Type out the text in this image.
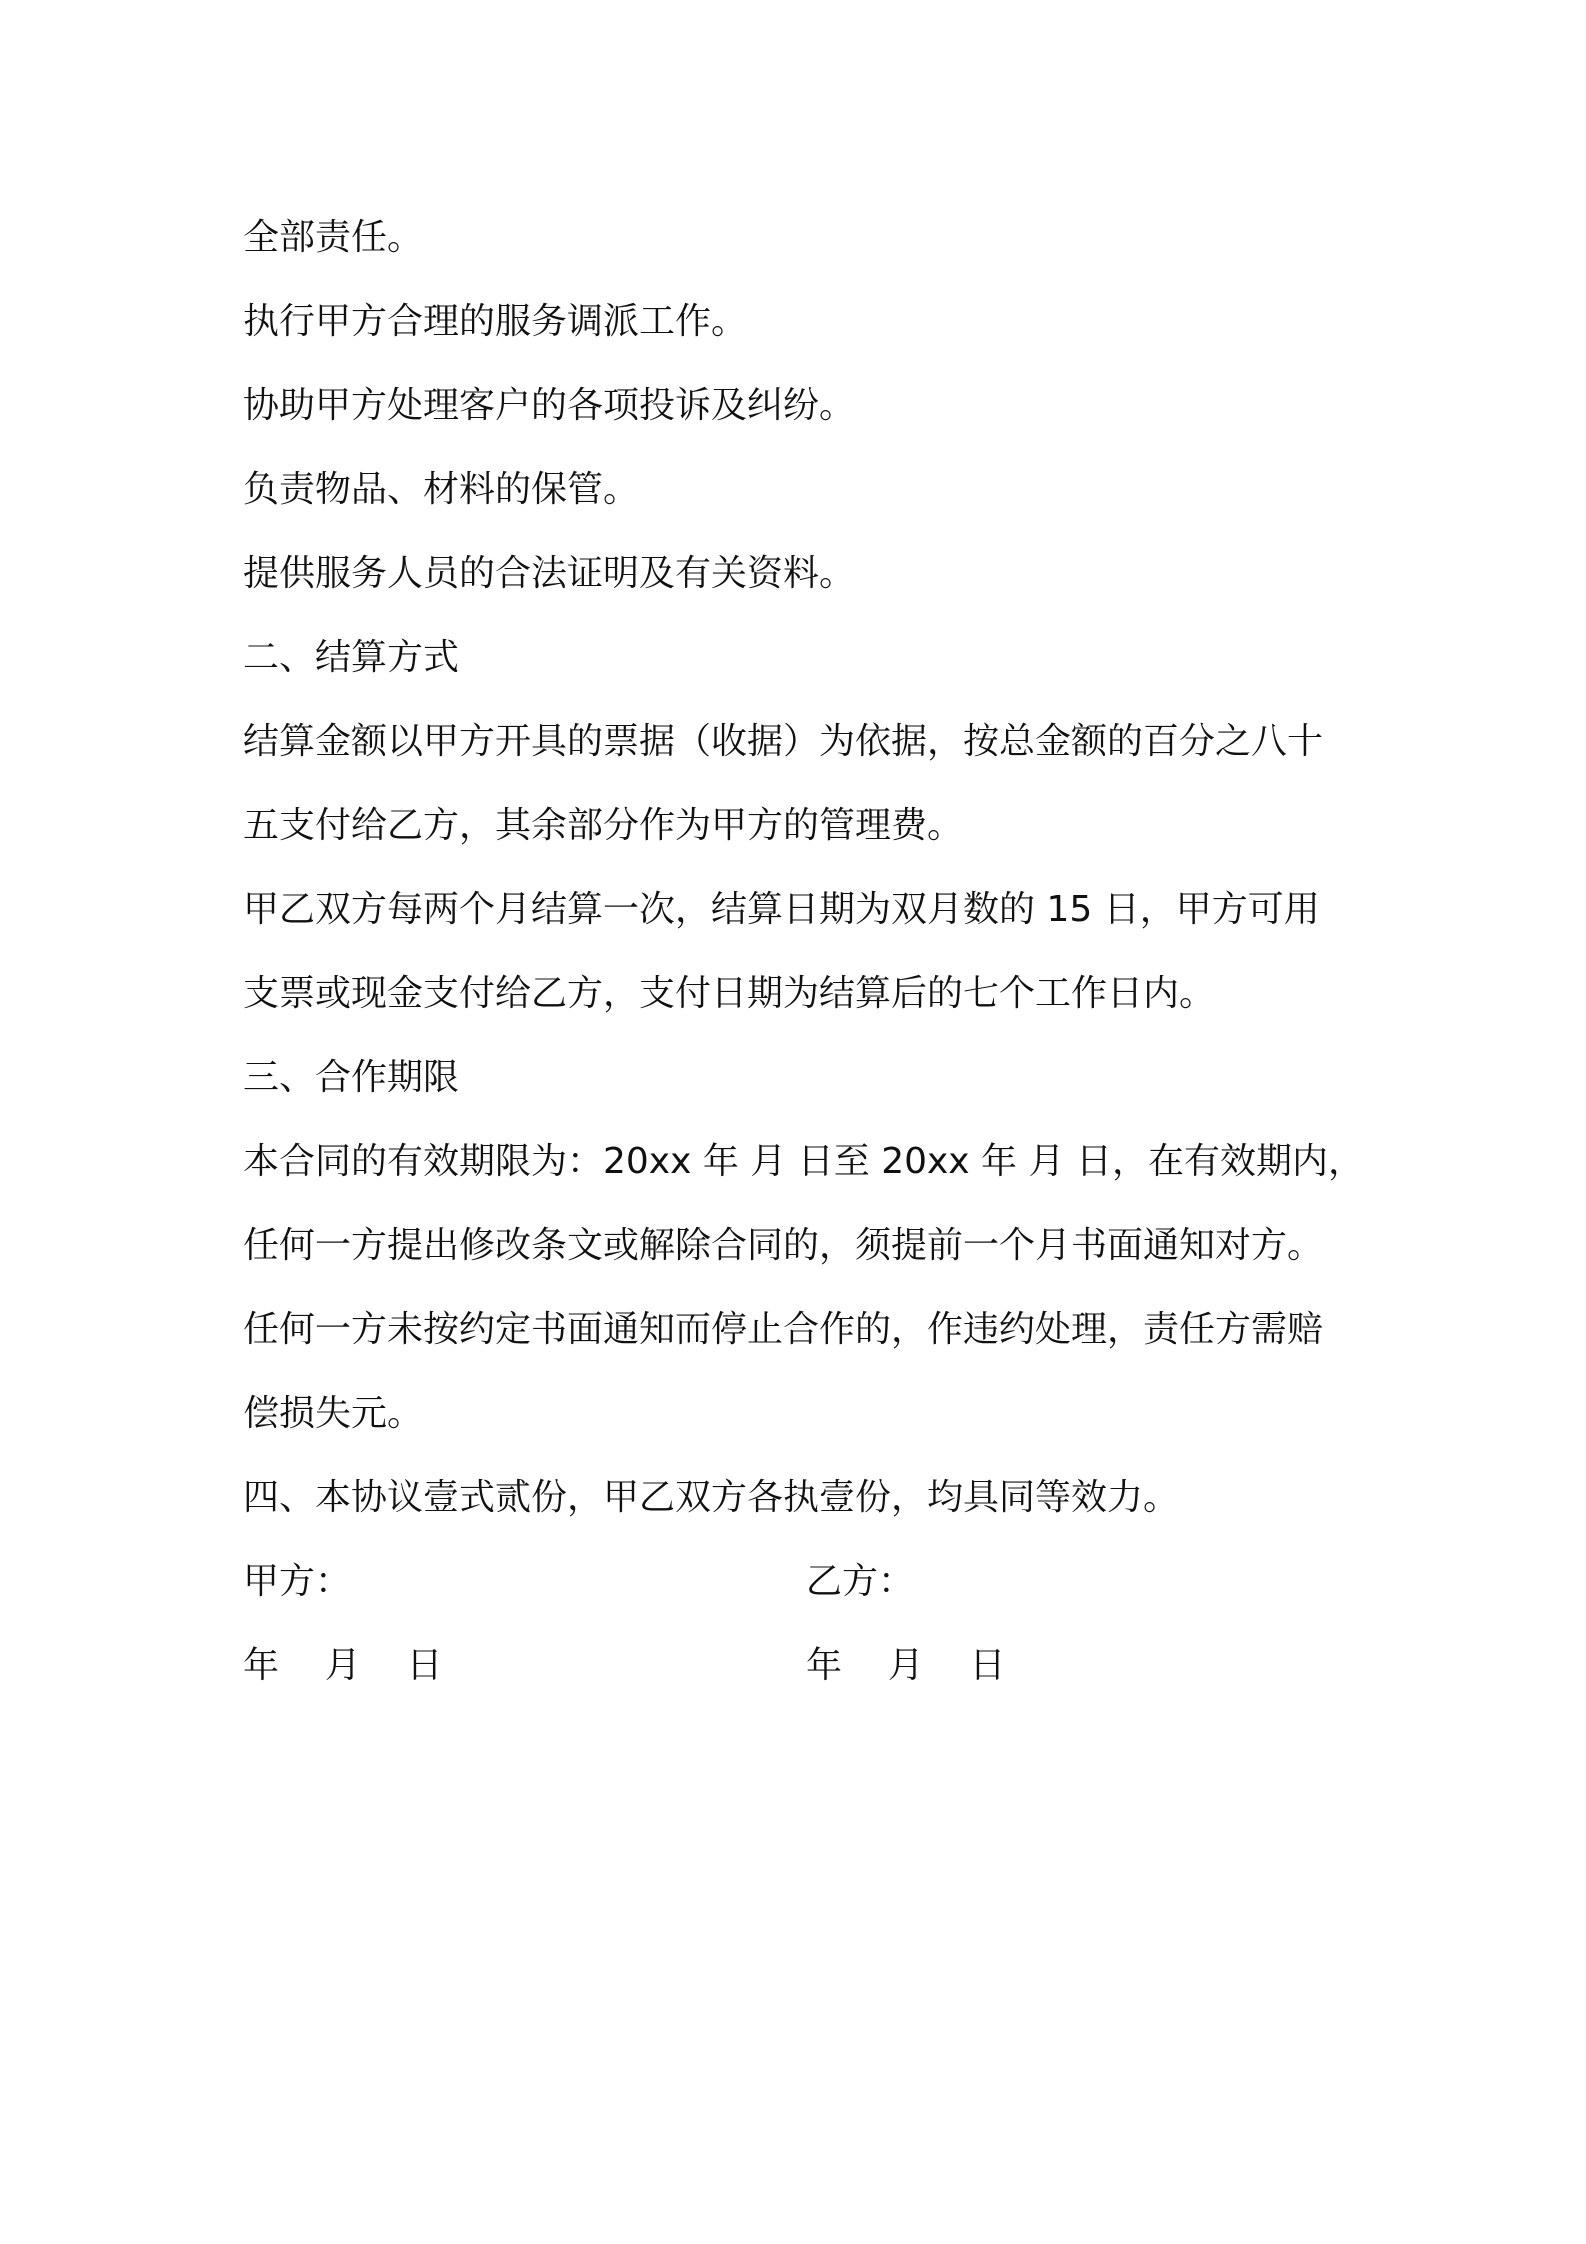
全部责任。

执行甲方合理的服务调派工作。

协助甲方处理客户的各项投诉及纠纷。

负责物品、材料的保管。

提供服务人员的合法证明及有关资料。

二、结算方式

结算金额以甲方开具的票据（收据）为依据，按总金额的百分之八十

五支付给乙方，其余部分作为甲方的管理费。

甲乙双方每两个月结算一次，结算日期为双月数的 15 日，甲方可用

支票或现金支付给乙方，支付日期为结算后的七个工作日内。

三、合作期限

本合同的有效期限为：20xx 年 月 日至 20xx 年 月 日，在有效期内，

任何一方提出修改条文或解除合同的，须提前一个月书面通知对方。

任何一方未按约定书面通知而停止合作的，作违约处理，责任方需赔

偿损失元。

四、本协议壹式贰份，甲乙双方各执壹份，均具同等效力。

甲方：

	乙方：

年    月    日

	年    月    日
